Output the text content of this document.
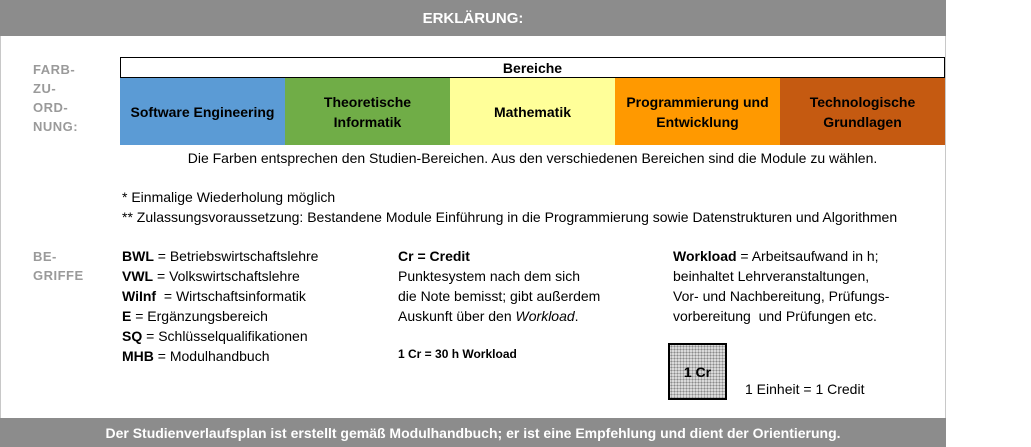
ERKLÄRUNG:
FARB-
ZU-
ORD-
NUNG:
Bereiche
Software Engineering
Theoretische
Informatik
Mathematik
Programmierung und
Entwicklung
Technologische
Grundlagen
Die Farben entsprechen den Studien-Bereichen. Aus den verschiedenen Bereichen sind die Module zu wählen.
* Einmalige Wiederholung möglich
** Zulassungsvoraussetzung: Bestandene Module Einführung in die Programmierung sowie Datenstrukturen und Algorithmen
BE-
GRIFFE
BWL = Betriebswirtschaftslehre
VWL = Volkswirtschaftslehre
WiInf  = Wirtschaftsinformatik
E = Ergänzungsbereich
SQ = Schlüsselqualifikationen
MHB = Modulhandbuch
Cr = Credit
Punktesystem nach dem sich
die Note bemisst; gibt außerdem
Auskunft über den Workload.
1 Cr = 30 h Workload
Workload = Arbeitsaufwand in h;
beinhaltet Lehrveranstaltungen,
Vor- und Nachbereitung, Prüfungs-
vorbereitung  und Prüfungen etc.
1 Cr
1 Einheit = 1 Credit
Der Studienverlaufsplan ist erstellt gemäß Modulhandbuch; er ist eine Empfehlung und dient der Orientierung.
